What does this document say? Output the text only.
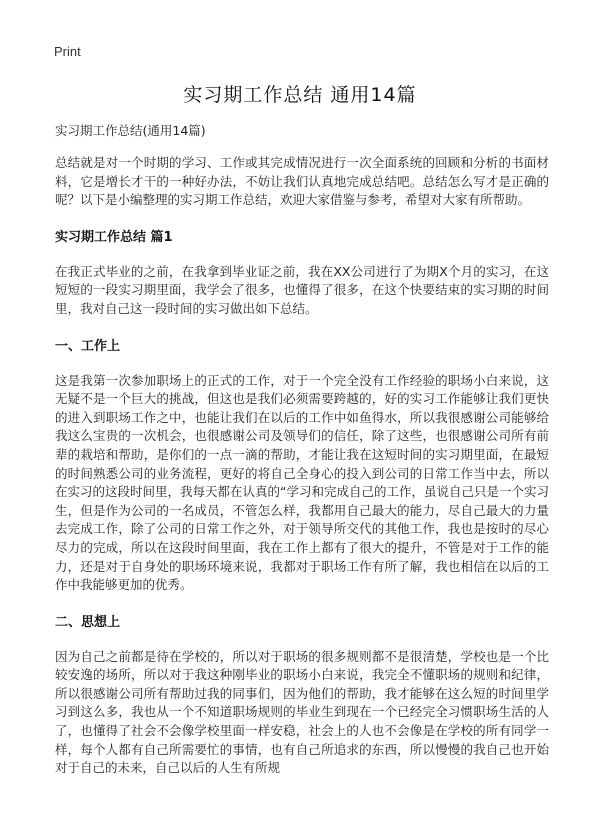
Print
实习期工作总结 通用14篇
实习期工作总结(通用14篇)

总结就是对一个时期的学习、工作或其完成情况进行一次全面系统的回顾和分析的书面材料，它是增长才干的一种好办法，不妨让我们认真地完成总结吧。总结怎么写才是正确的呢？以下是小编整理的实习期工作总结，欢迎大家借鉴与参考，希望对大家有所帮助。

实习期工作总结 篇1

在我正式毕业的之前，在我拿到毕业证之前，我在XX公司进行了为期X个月的实习，在这短短的一段实习期里面，我学会了很多，也懂得了很多，在这个快要结束的实习期的时间里，我对自己这一段时间的实习做出如下总结。

一、工作上

这是我第一次参加职场上的正式的工作，对于一个完全没有工作经验的职场小白来说，这无疑不是一个巨大的挑战，但这也是我们必须需要跨越的，好的实习工作能够让我们更快的进入到职场工作之中，也能让我们在以后的工作中如鱼得水，所以我很感谢公司能够给我这么宝贵的一次机会，也很感谢公司及领导们的信任，除了这些，也很感谢公司所有前辈的栽培和帮助，是你们的一点一滴的帮助，才能让我在这短时间的实习期里面，在最短的时间熟悉公司的业务流程，更好的将自己全身心的投入到公司的日常工作当中去，所以在实习的这段时间里，我每天都在认真的“学习和完成自己的工作，虽说自己只是一个实习生，但是作为公司的一名成员，不管怎么样，我都用自己最大的能力，尽自己最大的力量去完成工作，除了公司的日常工作之外，对于领导所交代的其他工作，我也是按时的尽心尽力的完成，所以在这段时间里面，我在工作上都有了很大的提升，不管是对于工作的能力，还是对于自身处的职场环境来说，我都对于职场工作有所了解，我也相信在以后的工作中我能够更加的优秀。

二、思想上

因为自己之前都是待在学校的，所以对于职场的很多规则都不是很清楚，学校也是一个比较安逸的场所，所以对于我这种刚毕业的职场小白来说，我完全不懂职场的规则和纪律，所以很感谢公司所有帮助过我的同事们，因为他们的帮助，我才能够在这么短的时间里学习到这么多，我也从一个不知道职场规则的毕业生到现在一个已经完全习惯职场生活的人了，也懂得了社会不会像学校里面一样安稳，社会上的人也不会像是在学校的所有同学一样，每个人都有自己所需要忙的事情，也有自己所追求的东西，所以慢慢的我自己也开始对于自己的未来，自己以后的人生有所规
